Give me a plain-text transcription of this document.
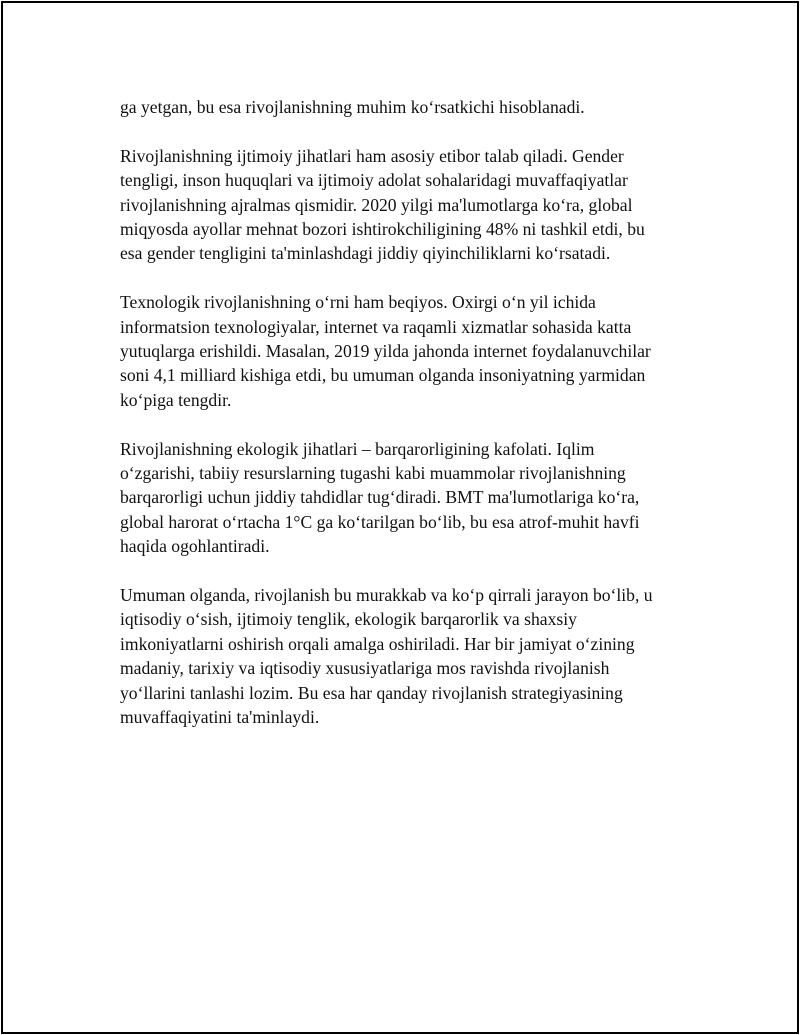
ga yetgan, bu esa rivojlanishning muhim ko‘rsatkichi hisoblanadi.

Rivojlanishning ijtimoiy jihatlari ham asosiy etibor talab qiladi. Gender
tengligi, inson huquqlari va ijtimoiy adolat sohalaridagi muvaffaqiyatlar
rivojlanishning ajralmas qismidir. 2020 yilgi ma'lumotlarga ko‘ra, global
miqyosda ayollar mehnat bozori ishtirokchiligining 48% ni tashkil etdi, bu
esa gender tengligini ta'minlashdagi jiddiy qiyinchiliklarni ko‘rsatadi.

Texnologik rivojlanishning o‘rni ham beqiyos. Oxirgi o‘n yil ichida
informatsion texnologiyalar, internet va raqamli xizmatlar sohasida katta
yutuqlarga erishildi. Masalan, 2019 yilda jahonda internet foydalanuvchilar
soni 4,1 milliard kishiga etdi, bu umuman olganda insoniyatning yarmidan
ko‘piga tengdir.

Rivojlanishning ekologik jihatlari – barqarorligining kafolati. Iqlim
o‘zgarishi, tabiiy resurslarning tugashi kabi muammolar rivojlanishning
barqarorligi uchun jiddiy tahdidlar tug‘diradi. BMT ma'lumotlariga ko‘ra,
global harorat o‘rtacha 1°C ga ko‘tarilgan bo‘lib, bu esa atrof-muhit havfi
haqida ogohlantiradi.

Umuman olganda, rivojlanish bu murakkab va ko‘p qirrali jarayon bo‘lib, u
iqtisodiy o‘sish, ijtimoiy tenglik, ekologik barqarorlik va shaxsiy
imkoniyatlarni oshirish orqali amalga oshiriladi. Har bir jamiyat o‘zining
madaniy, tarixiy va iqtisodiy xususiyatlariga mos ravishda rivojlanish
yo‘llarini tanlashi lozim. Bu esa har qanday rivojlanish strategiyasining
muvaffaqiyatini ta'minlaydi.
